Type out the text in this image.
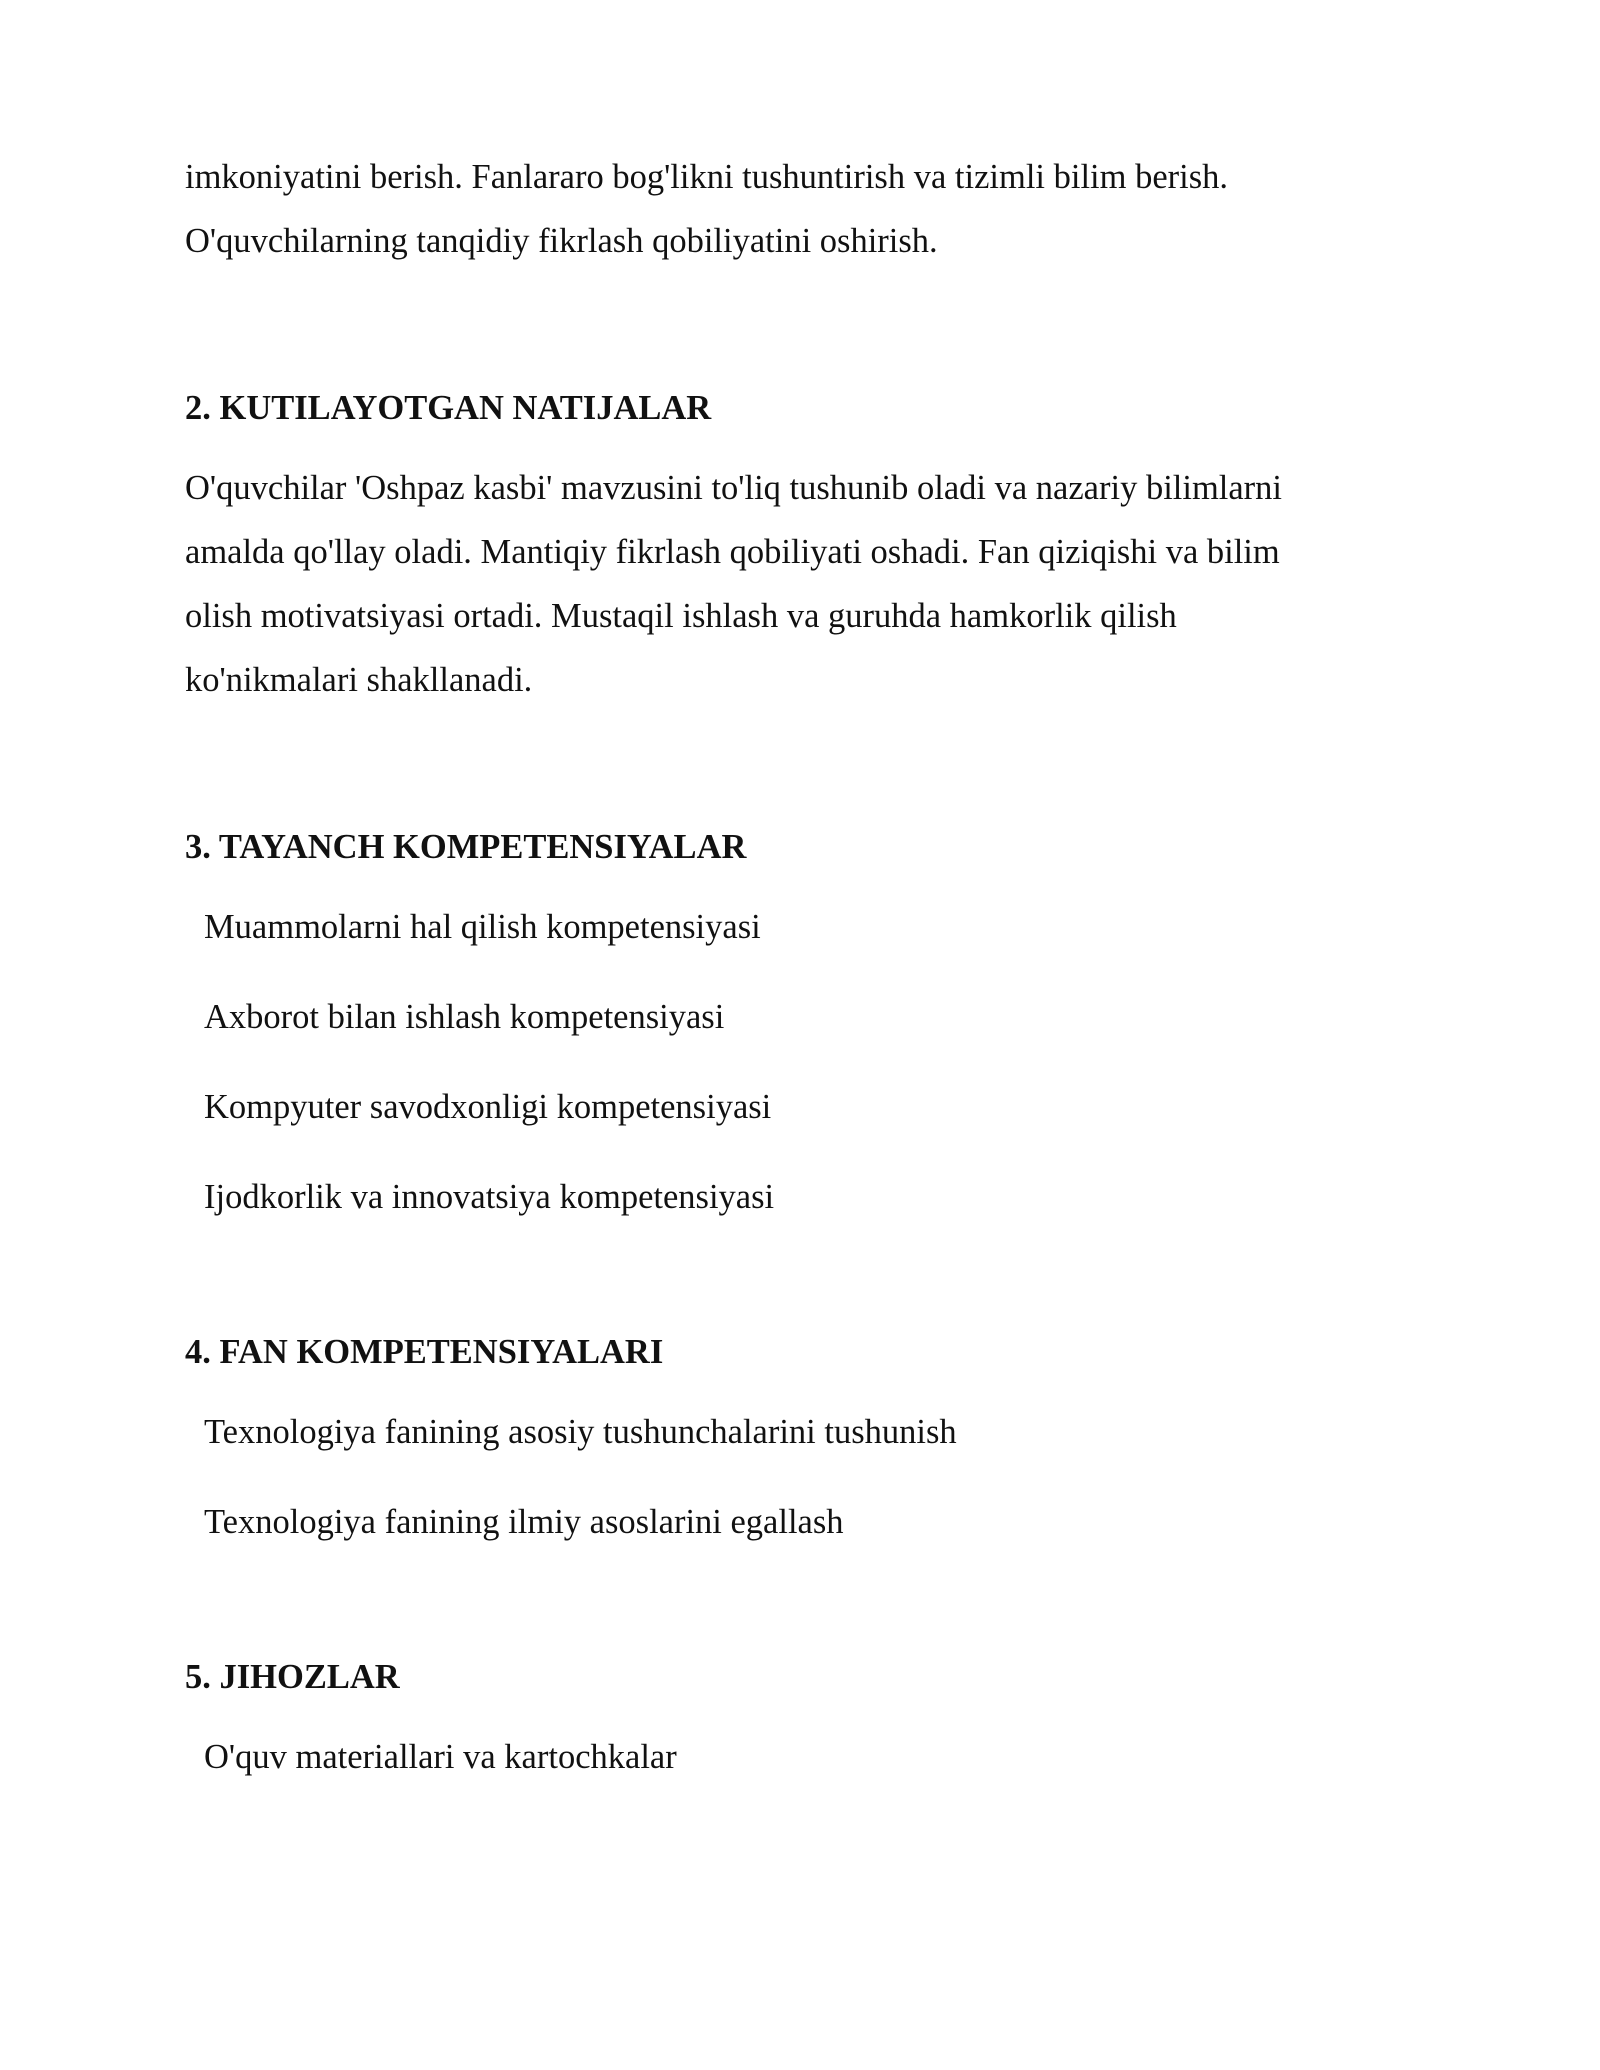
imkoniyatini berish. Fanlararo bog'likni tushuntirish va tizimli bilim berish.

O'quvchilarning tanqidiy fikrlash qobiliyatini oshirish.

2. KUTILAYOTGAN NATIJALAR

O'quvchilar 'Oshpaz kasbi' mavzusini to'liq tushunib oladi va nazariy bilimlarni

amalda qo'llay oladi. Mantiqiy fikrlash qobiliyati oshadi. Fan qiziqishi va bilim

olish motivatsiyasi ortadi. Mustaqil ishlash va guruhda hamkorlik qilish

ko'nikmalari shakllanadi.

3. TAYANCH KOMPETENSIYALAR
Muammolarni hal qilish kompetensiyasi
Axborot bilan ishlash kompetensiyasi
Kompyuter savodxonligi kompetensiyasi
Ijodkorlik va innovatsiya kompetensiyasi
4. FAN KOMPETENSIYALARI
Texnologiya fanining asosiy tushunchalarini tushunish
Texnologiya fanining ilmiy asoslarini egallash
5. JIHOZLAR
O'quv materiallari va kartochkalar
